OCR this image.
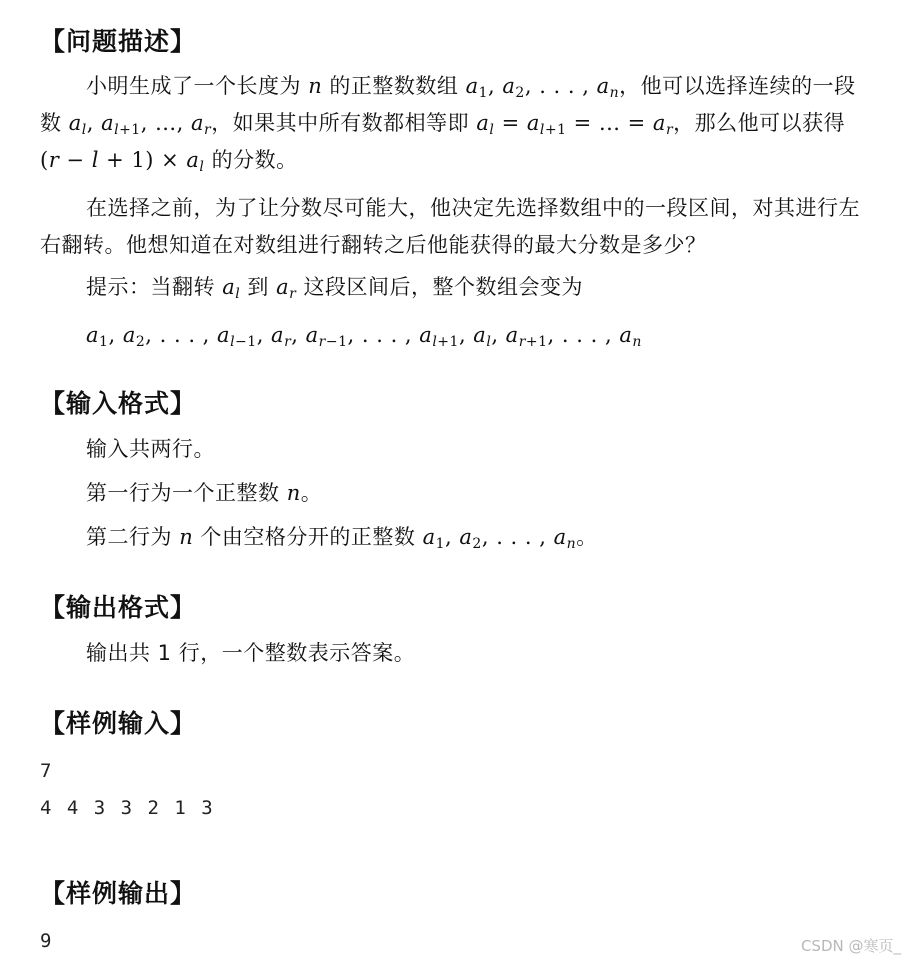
【问题描述】
小明生成了一个长度为 n 的正整数数组 $a_1$, $a_2$, . . . , $a_n$，他可以选择连续的一段数 $a_l$, $a_{l+1}$, ..., $a_r$，如果其中所有数都相等即 $a_l = a_{l+1}$ = ... = $a_r$，那么他可以获得 $(r - l + 1) \times a_l$ 的分数。
在选择之前，为了让分数尽可能大，他决定先选择数组中的一段区间，对其进行左右翻转。他想知道在对数组进行翻转之后他能获得的最大分数是多少？
提示：当翻转 $a_l$ 到 $a_r$ 这段区间后，整个数组会变为
$a_1$, $a_2$, . . . , $a_{l-1}$, $a_r$, $a_{r-1}$, . . . , $a_{l+1}$, $a_l$, $a_{r+1}$, . . . , $a_n$
【输入格式】
输入共两行。
第一行为一个正整数 n。
第二行为 n 个由空格分开的正整数 $a_1$, $a_2$, . . . , $a_n$。
【输出格式】
输出共 1 行，一个整数表示答案。
【样例输入】
7
4 4 3 3 2 1 3
【样例输出】
9	CSDN @寒页_
